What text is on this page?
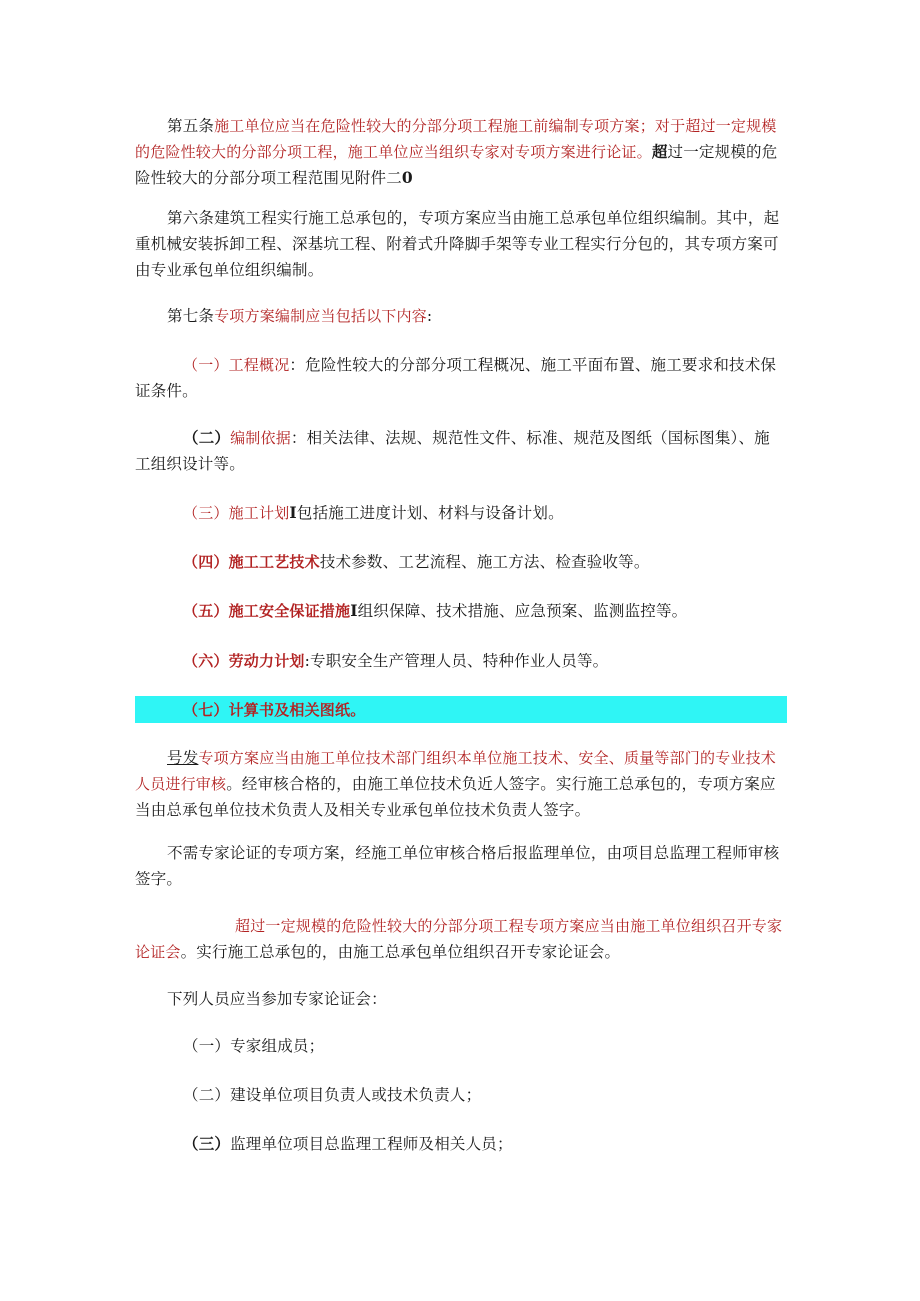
第五条施工单位应当在危险性较大的分部分项工程施工前编制专项方案；对于超过一定规模的危险性较大的分部分项工程，施工单位应当组织专家对专项方案进行论证。超过一定规模的危险性较大的分部分项工程范围见附件二0

第六条建筑工程实行施工总承包的，专项方案应当由施工总承包单位组织编制。其中，起重机械安装拆卸工程、深基坑工程、附着式升降脚手架等专业工程实行分包的，其专项方案可由专业承包单位组织编制。

第七条专项方案编制应当包括以下内容:

（一）工程概况：危险性较大的分部分项工程概况、施工平面布置、施工要求和技术保证条件。

（二）编制依据：相关法律、法规、规范性文件、标准、规范及图纸（国标图集）、施工组织设计等。

（三）施工计划I包括施工进度计划、材料与设备计划。

（四）施工工艺技术技术参数、工艺流程、施工方法、检查验收等。

（五）施工安全保证措施I组织保障、技术措施、应急预案、监测监控等。

（六）劳动力计划:专职安全生产管理人员、特种作业人员等。

（七）计算书及相关图纸。

号发专项方案应当由施工单位技术部门组织本单位施工技术、安全、质量等部门的专业技术人员进行审核。经审核合格的，由施工单位技术负近人签字。实行施工总承包的，专项方案应当由总承包单位技术负责人及相关专业承包单位技术负责人签字。

不需专家论证的专项方案，经施工单位审核合格后报监理单位，由项目总监理工程师审核签字。

超过一定规模的危险性较大的分部分项工程专项方案应当由施工单位组织召开专家论证会。实行施工总承包的，由施工总承包单位组织召开专家论证会。

下列人员应当参加专家论证会：

（一）专家组成员；

（二）建设单位项目负责人或技术负责人；

（三）监理单位项目总监理工程师及相关人员；
